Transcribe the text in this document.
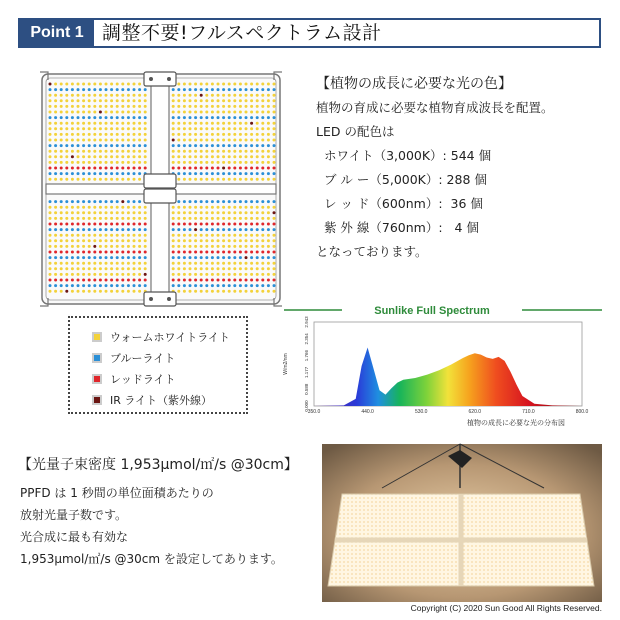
Point 1 調整不要!フルスペクトラム設計
【植物の成長に必要な光の色】
植物の育成に必要な植物育成波長を配置。
LED の配色は
ホワイト（3,000K）: 544 個
ブ ル ー（5,000K）: 288 個
レ ッ ド（600nm）:  36 個
紫 外 線（760nm）:   4 個
となっております。
ウォームホワイトライト
ブルーライト
レッドライト
IR ライト（紫外線）
Sunlike Full Spectrum
350.0	440.0	530.0	620.0	710.0	800.0
0.000
0.588
1.177
1.766
2.354
2.943
W/m2/nm
植物の成長に必要な光の分布図
【光量子束密度 1,953μmol/㎡/s @30cm】
PPFD は 1 秒間の単位面積あたりの
放射光量子数です。
光合成に最も有効な
1,953μmol/㎡/s @30cm を設定してあります。
Copyright (C) 2020 Sun Good All Rights Reserved.
